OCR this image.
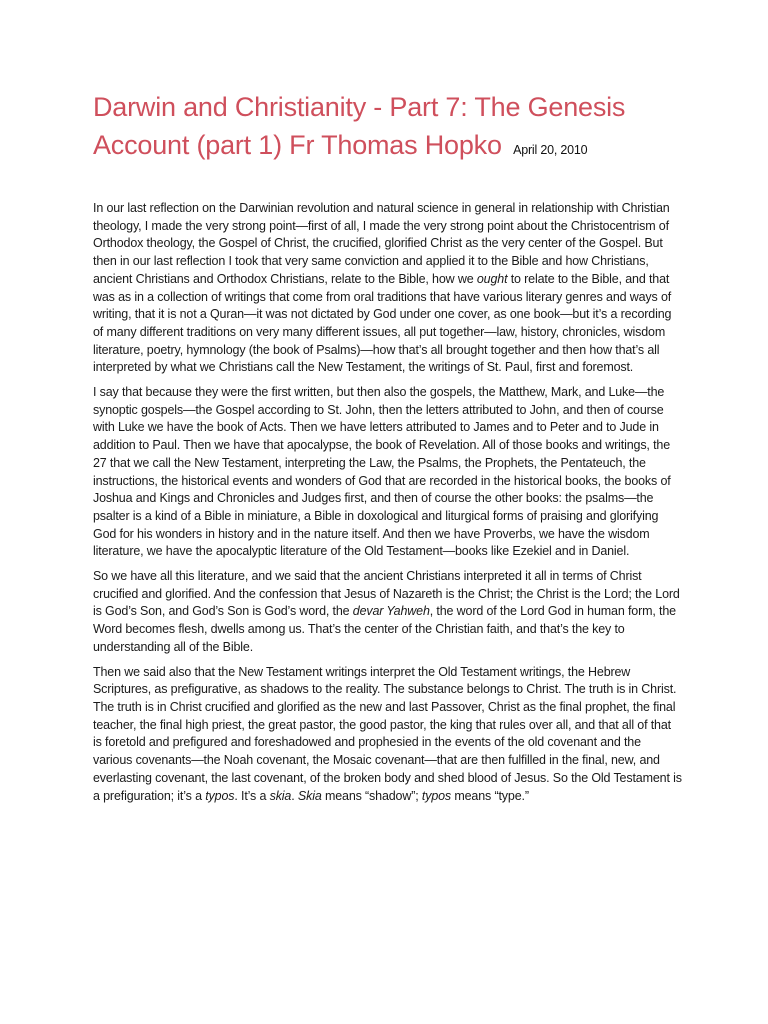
Darwin and Christianity - Part 7: The Genesis Account (part 1) Fr Thomas Hopko April 20, 2010

In our last reflection on the Darwinian revolution and natural science in general in relationship with Christian theology, I made the very strong point—first of all, I made the very strong point about the Christocentrism of Orthodox theology, the Gospel of Christ, the crucified, glorified Christ as the very center of the Gospel. But then in our last reflection I took that very same conviction and applied it to the Bible and how Christians, ancient Christians and Orthodox Christians, relate to the Bible, how we ought to relate to the Bible, and that was as in a collection of writings that come from oral traditions that have various literary genres and ways of writing, that it is not a Quran—it was not dictated by God under one cover, as one book—but it’s a recording of many different traditions on very many different issues, all put together—law, history, chronicles, wisdom literature, poetry, hymnology (the book of Psalms)—how that’s all brought together and then how that’s all interpreted by what we Christians call the New Testament, the writings of St. Paul, first and foremost.

I say that because they were the first written, but then also the gospels, the Matthew, Mark, and Luke—the synoptic gospels—the Gospel according to St. John, then the letters attributed to John, and then of course with Luke we have the book of Acts. Then we have letters attributed to James and to Peter and to Jude in addition to Paul. Then we have that apocalypse, the book of Revelation. All of those books and writings, the 27 that we call the New Testament, interpreting the Law, the Psalms, the Prophets, the Pentateuch, the instructions, the historical events and wonders of God that are recorded in the historical books, the books of Joshua and Kings and Chronicles and Judges first, and then of course the other books: the psalms—the psalter is a kind of a Bible in miniature, a Bible in doxological and liturgical forms of praising and glorifying God for his wonders in history and in the nature itself. And then we have Proverbs, we have the wisdom literature, we have the apocalyptic literature of the Old Testament—books like Ezekiel and in Daniel.

So we have all this literature, and we said that the ancient Christians interpreted it all in terms of Christ crucified and glorified. And the confession that Jesus of Nazareth is the Christ; the Christ is the Lord; the Lord is God’s Son, and God’s Son is God’s word, the devar Yahweh, the word of the Lord God in human form, the Word becomes flesh, dwells among us. That’s the center of the Christian faith, and that’s the key to understanding all of the Bible.

Then we said also that the New Testament writings interpret the Old Testament writings, the Hebrew Scriptures, as prefigurative, as shadows to the reality. The substance belongs to Christ. The truth is in Christ. The truth is in Christ crucified and glorified as the new and last Passover, Christ as the final prophet, the final teacher, the final high priest, the great pastor, the good pastor, the king that rules over all, and that all of that is foretold and prefigured and foreshadowed and prophesied in the events of the old covenant and the various covenants—the Noah covenant, the Mosaic covenant—that are then fulfilled in the final, new, and everlasting covenant, the last covenant, of the broken body and shed blood of Jesus. So the Old Testament is a prefiguration; it’s a typos. It’s a skia. Skia means “shadow”; typos means “type.”
